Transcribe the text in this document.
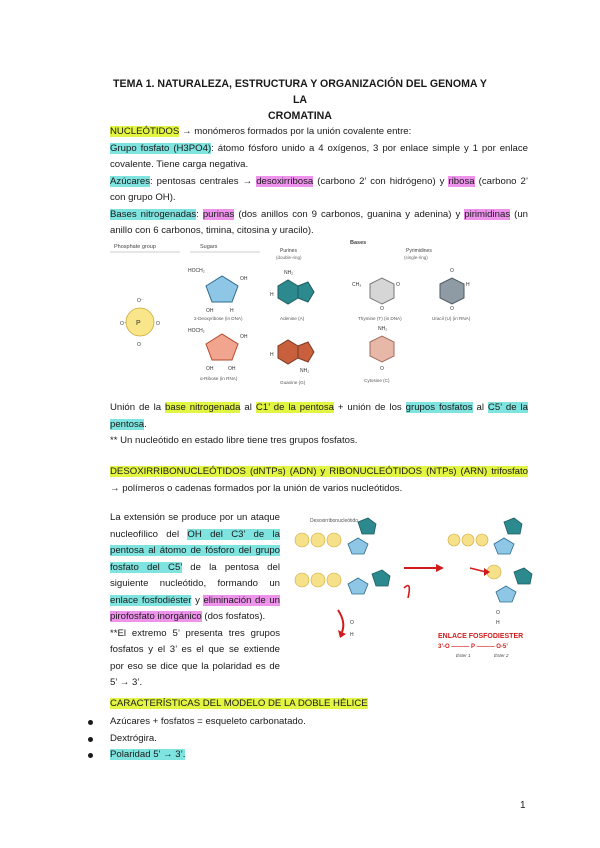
TEMA 1. NATURALEZA, ESTRUCTURA Y ORGANIZACIÓN DEL GENOMA Y LA
CROMATINA
NUCLEÓTIDOS → monómeros formados por la unión covalente entre:
Grupo fosfato (H3PO4): átomo fósforo unido a 4 oxígenos, 3 por enlace simple y 1 por enlace covalente. Tiene carga negativa.
Azúcares: pentosas centrales → desoxirribosa (carbono 2’ con hidrógeno) y ribosa (carbono 2’ con grupo OH).
Bases nitrogenadas: purinas (dos anillos con 9 carbonos, guanina y adenina) y pirimidinas (un anillo con 6 carbonos, timina, citosina y uracilo).
Phosphate group	Sugars
Bases
Purines
(double-ring)
Pyrimidines
(single-ring)
P
O⁻
O⁻	O
O
HOCH₂
OH
OH	H
2-Deoxyribose (in DNA)
HOCH₂
OH
OH	OH
α-Ribose (in RNA)
NH₂
H
Adenine (A)
H
NH₂
Guanine (G)
CH₃	O
O
Thymine (T) (in DNA)
O
H
O
Uracil (U) (in RNA)
NH₂
O
Cytosine (C)
Unión de la base nitrogenada al C1’ de la pentosa + unión de los grupos fosfatos al C5’ de la pentosa.
** Un nucleótido en estado libre tiene tres grupos fosfatos.
DESOXIRRIBONUCLEÓTIDOS (dNTPs) (ADN) y RIBONUCLEÓTIDOS (NTPs) (ARN) trifosfato → polímeros o cadenas formados por la unión de varios nucleótidos.
La extensión se produce por un ataque nucleofílico del OH del C3’ de la pentosa al átomo de fósforo del grupo fosfato del C5’ de la pentosa del siguiente nucleótido, formando un enlace fosfodiéster y eliminación de un pirofosfato inorgánico (dos fosfatos).
**El extremo 5’ presenta tres grupos fosfatos y el 3’ es el que se extiende por eso se dice que la polaridad es de 5’ → 3’.
Desoxirribonucleótido
O
H
O
H
ENLACE FOSFODIESTER
3’-O ——— P ——— O-5’
Éster 1	Éster 2
CARACTERÍSTICAS DEL MODELO DE LA DOBLE HÉLICE
Azúcares + fosfatos = esqueleto carbonatado.
Dextrógira.
Polaridad 5’ → 3’.
1
